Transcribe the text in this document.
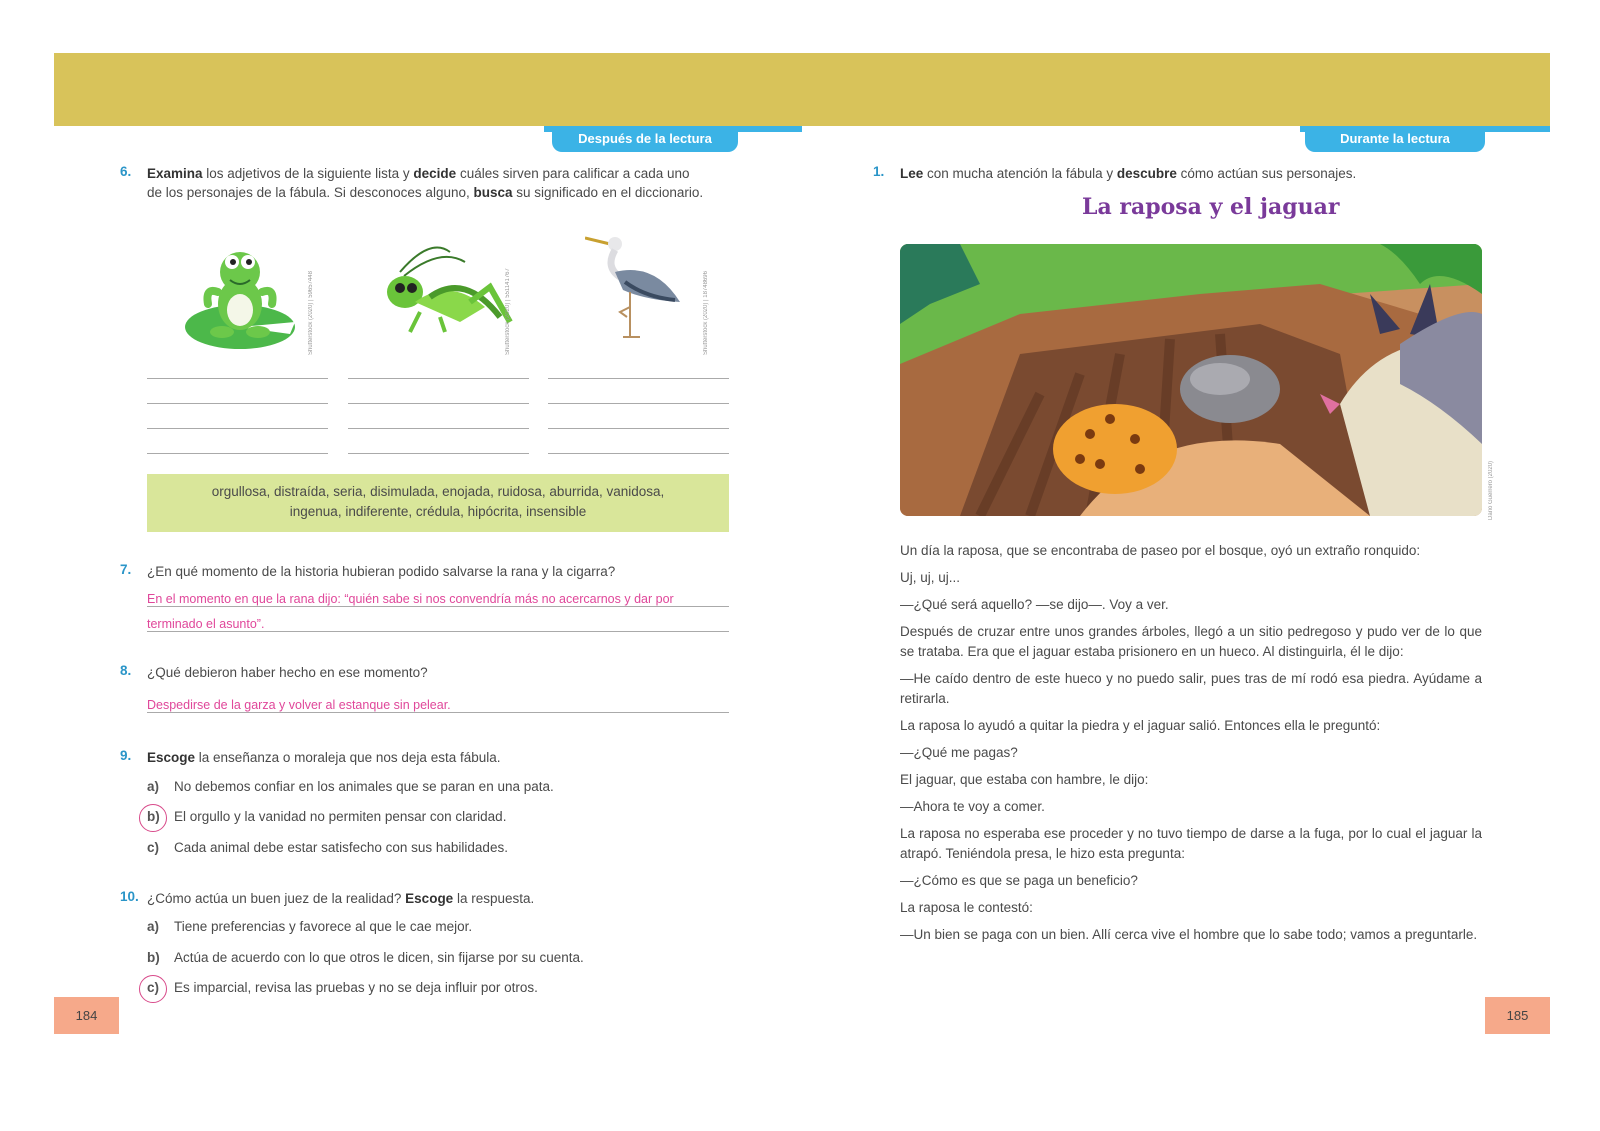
Después de la lectura	Durante la lectura
6. Examina los adjetivos de la siguiente lista y decide cuáles sirven para calificar a cada uno
de los personajes de la fábula. Si desconoces alguno, busca su significado en el diccionario.
Shutterstock (2020) | 59657448	Shutterstock (2020) | 551141767	Shutterstock (2020) | 18748696
orgullosa, distraída, seria, disimulada, enojada, ruidosa, aburrida, vanidosa,
ingenua, indiferente, crédula, hipócrita, insensible
7. ¿En qué momento de la historia hubieran podido salvarse la rana y la cigarra?
En el momento en que la rana dijo: “quién sabe si nos convendría más no acercarnos y dar por
terminado el asunto”.
8. ¿Qué debieron haber hecho en ese momento?
Despedirse de la garza y volver al estanque sin pelear.
9. Escoge la enseñanza o moraleja que nos deja esta fábula.
a) No debemos confiar en los animales que se paran en una pata.
b) El orgullo y la vanidad no permiten pensar con claridad.
c) Cada animal debe estar satisfecho con sus habilidades.
10. ¿Cómo actúa un buen juez de la realidad? Escoge la respuesta.
a) Tiene preferencias y favorece al que le cae mejor.
b) Actúa de acuerdo con lo que otros le dicen, sin fijarse por su cuenta.
c) Es imparcial, revisa las pruebas y no se deja influir por otros.
184
1. Lee con mucha atención la fábula y descubre cómo actúan sus personajes.
La raposa y el jaguar
Dario Guerrero (2020)
Un día la raposa, que se encontraba de paseo por el bosque, oyó un extraño ronquido:
Uj, uj, uj...
—¿Qué será aquello? —se dijo—. Voy a ver.
Después de cruzar entre unos grandes árboles, llegó a un sitio pedregoso y pudo ver de lo que se trataba. Era que el jaguar estaba prisionero en un hueco. Al distinguirla, él le dijo:
—He caído dentro de este hueco y no puedo salir, pues tras de mí rodó esa piedra. Ayúdame a retirarla.
La raposa lo ayudó a quitar la piedra y el jaguar salió. Entonces ella le preguntó:
—¿Qué me pagas?
El jaguar, que estaba con hambre, le dijo:
—Ahora te voy a comer.
La raposa no esperaba ese proceder y no tuvo tiempo de darse a la fuga, por lo cual el jaguar la atrapó. Teniéndola presa, le hizo esta pregunta:
—¿Cómo es que se paga un beneficio?
La raposa le contestó:
—Un bien se paga con un bien. Allí cerca vive el hombre que lo sabe todo; vamos a preguntarle.
185
